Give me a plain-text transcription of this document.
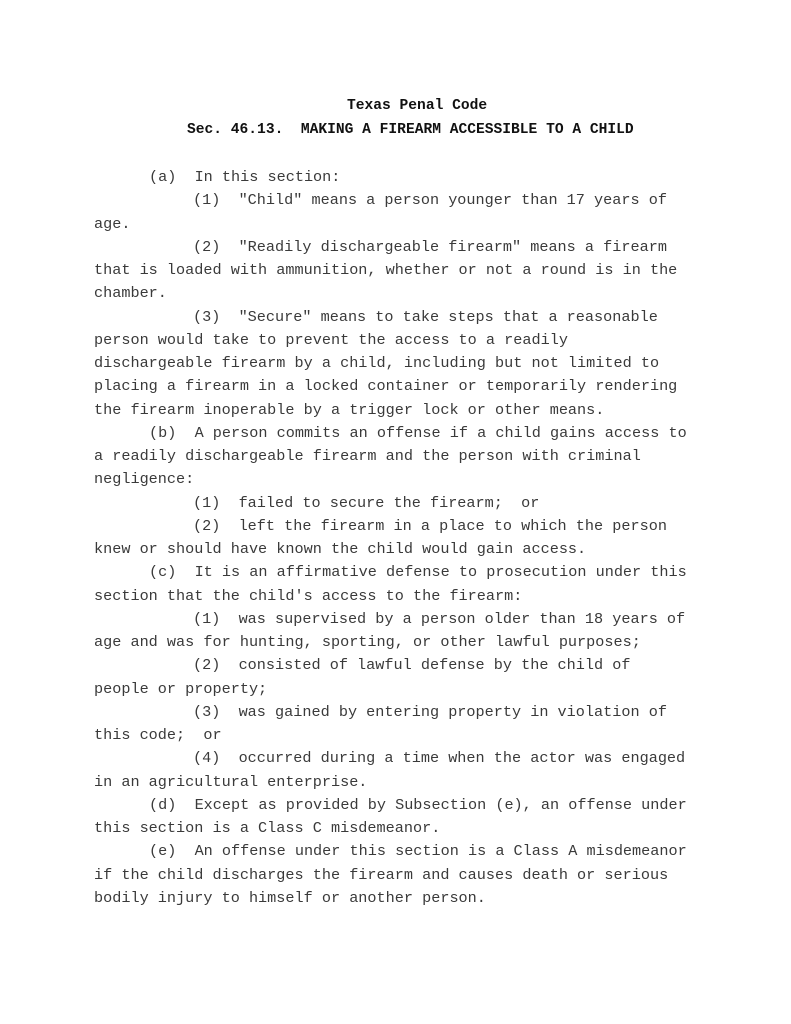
Texas Penal Code
Sec. 46.13.  MAKING A FIREARM ACCESSIBLE TO A CHILD
(a)  In this section:
(1)  "Child" means a person younger than 17 years of
age.
(2)  "Readily dischargeable firearm" means a firearm
that is loaded with ammunition, whether or not a round is in the
chamber.
(3)  "Secure" means to take steps that a reasonable
person would take to prevent the access to a readily
dischargeable firearm by a child, including but not limited to
placing a firearm in a locked container or temporarily rendering
the firearm inoperable by a trigger lock or other means.
(b)  A person commits an offense if a child gains access to
a readily dischargeable firearm and the person with criminal
negligence:
(1)  failed to secure the firearm;  or
(2)  left the firearm in a place to which the person
knew or should have known the child would gain access.
(c)  It is an affirmative defense to prosecution under this
section that the child's access to the firearm:
(1)  was supervised by a person older than 18 years of
age and was for hunting, sporting, or other lawful purposes;
(2)  consisted of lawful defense by the child of
people or property;
(3)  was gained by entering property in violation of
this code;  or
(4)  occurred during a time when the actor was engaged
in an agricultural enterprise.
(d)  Except as provided by Subsection (e), an offense under
this section is a Class C misdemeanor.
(e)  An offense under this section is a Class A misdemeanor
if the child discharges the firearm and causes death or serious
bodily injury to himself or another person.
